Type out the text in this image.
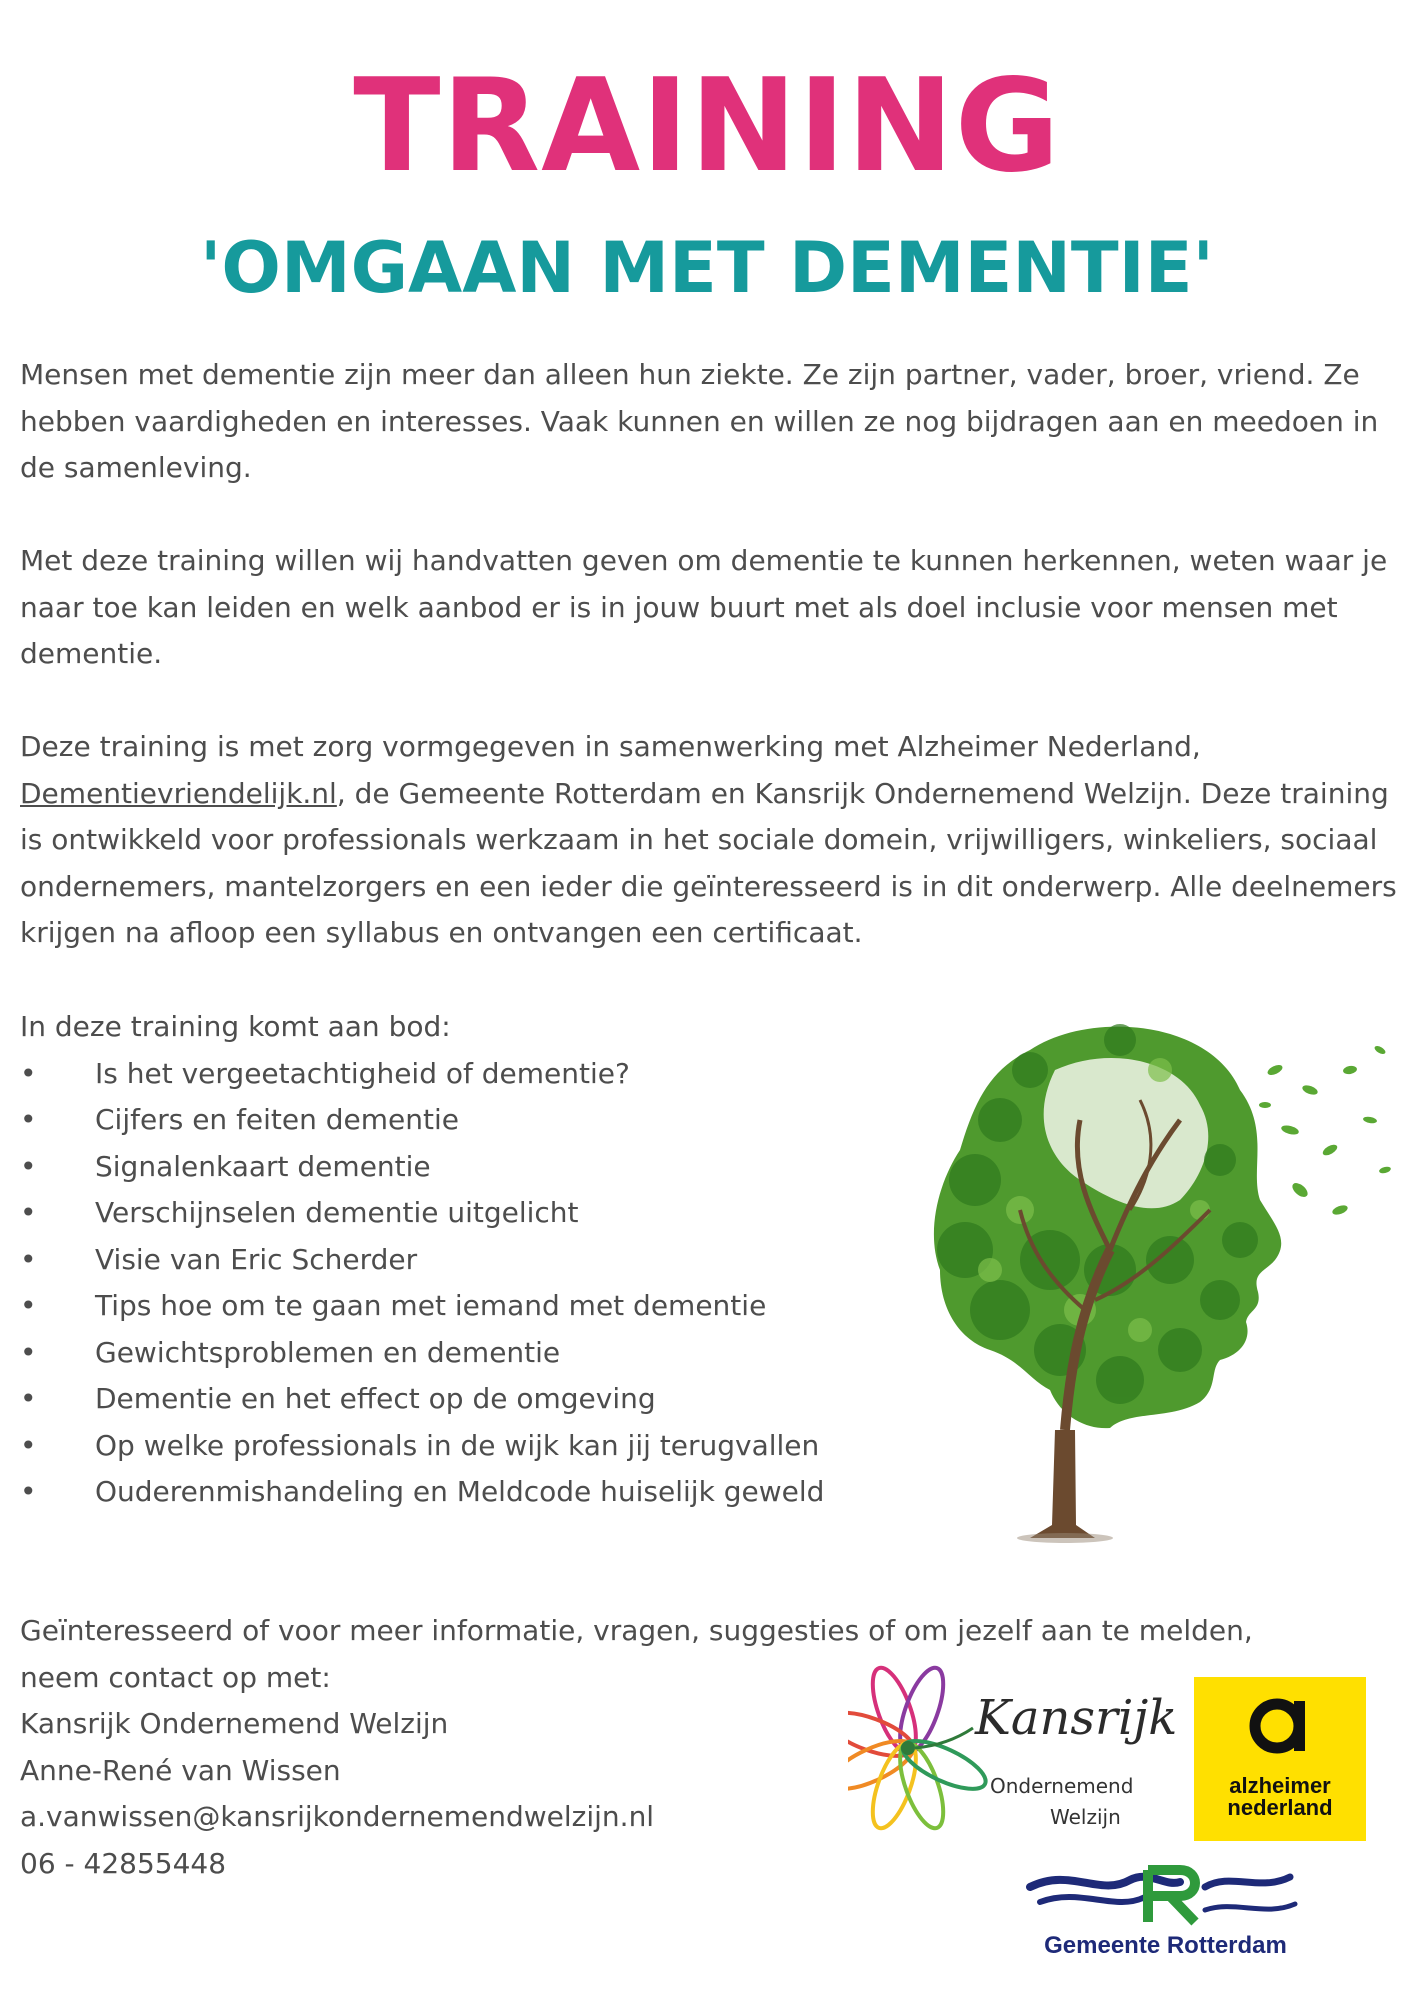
TRAINING
'OMGAAN MET DEMENTIE'

Mensen met dementie zijn meer dan alleen hun ziekte. Ze zijn partner, vader, broer, vriend. Ze hebben vaardigheden en interesses. Vaak kunnen en willen ze nog bijdragen aan en meedoen in de samenleving.

Met deze training willen wij handvatten geven om dementie te kunnen herkennen, weten waar je naar toe kan leiden en welk aanbod er is in jouw buurt met als doel inclusie voor mensen met dementie.

Deze training is met zorg vormgegeven in samenwerking met Alzheimer Nederland,
Dementievriendelijk.nl, de Gemeente Rotterdam en Kansrijk Ondernemend Welzijn. Deze training is ontwikkeld voor professionals werkzaam in het sociale domein, vrijwilligers, winkeliers, sociaal ondernemers, mantelzorgers en een ieder die geïnteresseerd is in dit onderwerp. Alle deelnemers krijgen na afloop een syllabus en ontvangen een certificaat.

In deze training komt aan bod:
• Is het vergeetachtigheid of dementie?
• Cijfers en feiten dementie
• Signalenkaart dementie
• Verschijnselen dementie uitgelicht
• Visie van Eric Scherder
• Tips hoe om te gaan met iemand met dementie
• Gewichtsproblemen en dementie
• Dementie en het effect op de omgeving
• Op welke professionals in de wijk kan jij terugvallen
• Ouderenmishandeling en Meldcode huiselijk geweld
Geïnteresseerd of voor meer informatie, vragen, suggesties of om jezelf aan te melden,
neem contact op met:
Kansrijk Ondernemend Welzijn
Anne-René van Wissen
a.vanwissen@kansrijkondernemendwelzijn.nl
06 - 42855448
Kansrijk
Ondernemend
Welzijn
alzheimer
nederland
Gemeente Rotterdam
